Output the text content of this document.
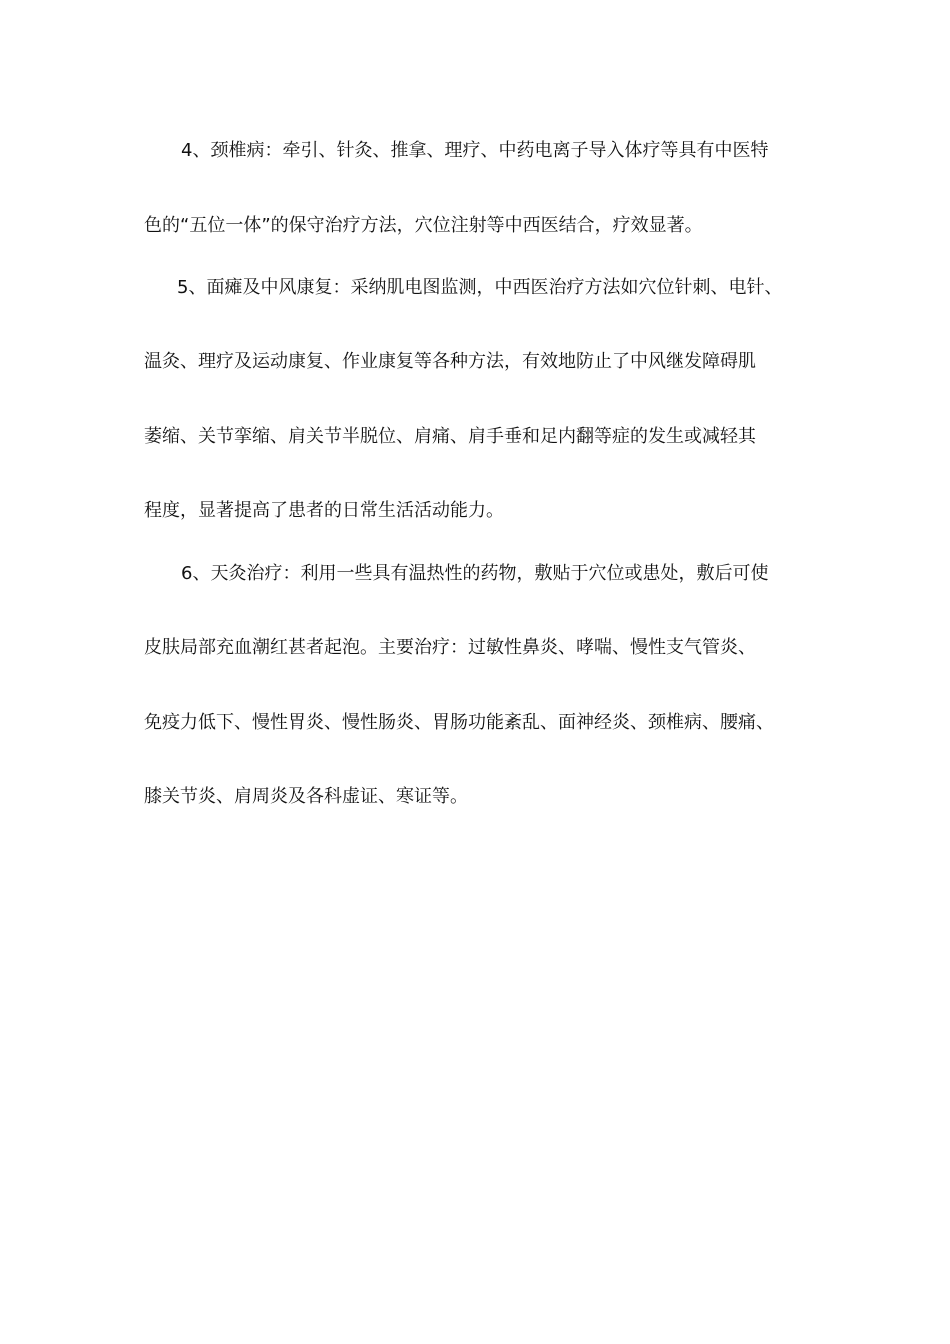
4、颈椎病：牵引、针灸、推拿、理疗、中药电离子导入体疗等具有中医特
色的“五位一体”的保守治疗方法，穴位注射等中西医结合，疗效显著。
5、面瘫及中风康复：采纳肌电图监测，中西医治疗方法如穴位针刺、电针、
温灸、理疗及运动康复、作业康复等各种方法，有效地防止了中风继发障碍肌
萎缩、关节挛缩、肩关节半脱位、肩痛、肩手垂和足内翻等症的发生或减轻其
程度，显著提高了患者的日常生活活动能力。
6、天灸治疗：利用一些具有温热性的药物，敷贴于穴位或患处，敷后可使
皮肤局部充血潮红甚者起泡。主要治疗：过敏性鼻炎、哮喘、慢性支气管炎、
免疫力低下、慢性胃炎、慢性肠炎、胃肠功能紊乱、面神经炎、颈椎病、腰痛、
膝关节炎、肩周炎及各科虚证、寒证等。
